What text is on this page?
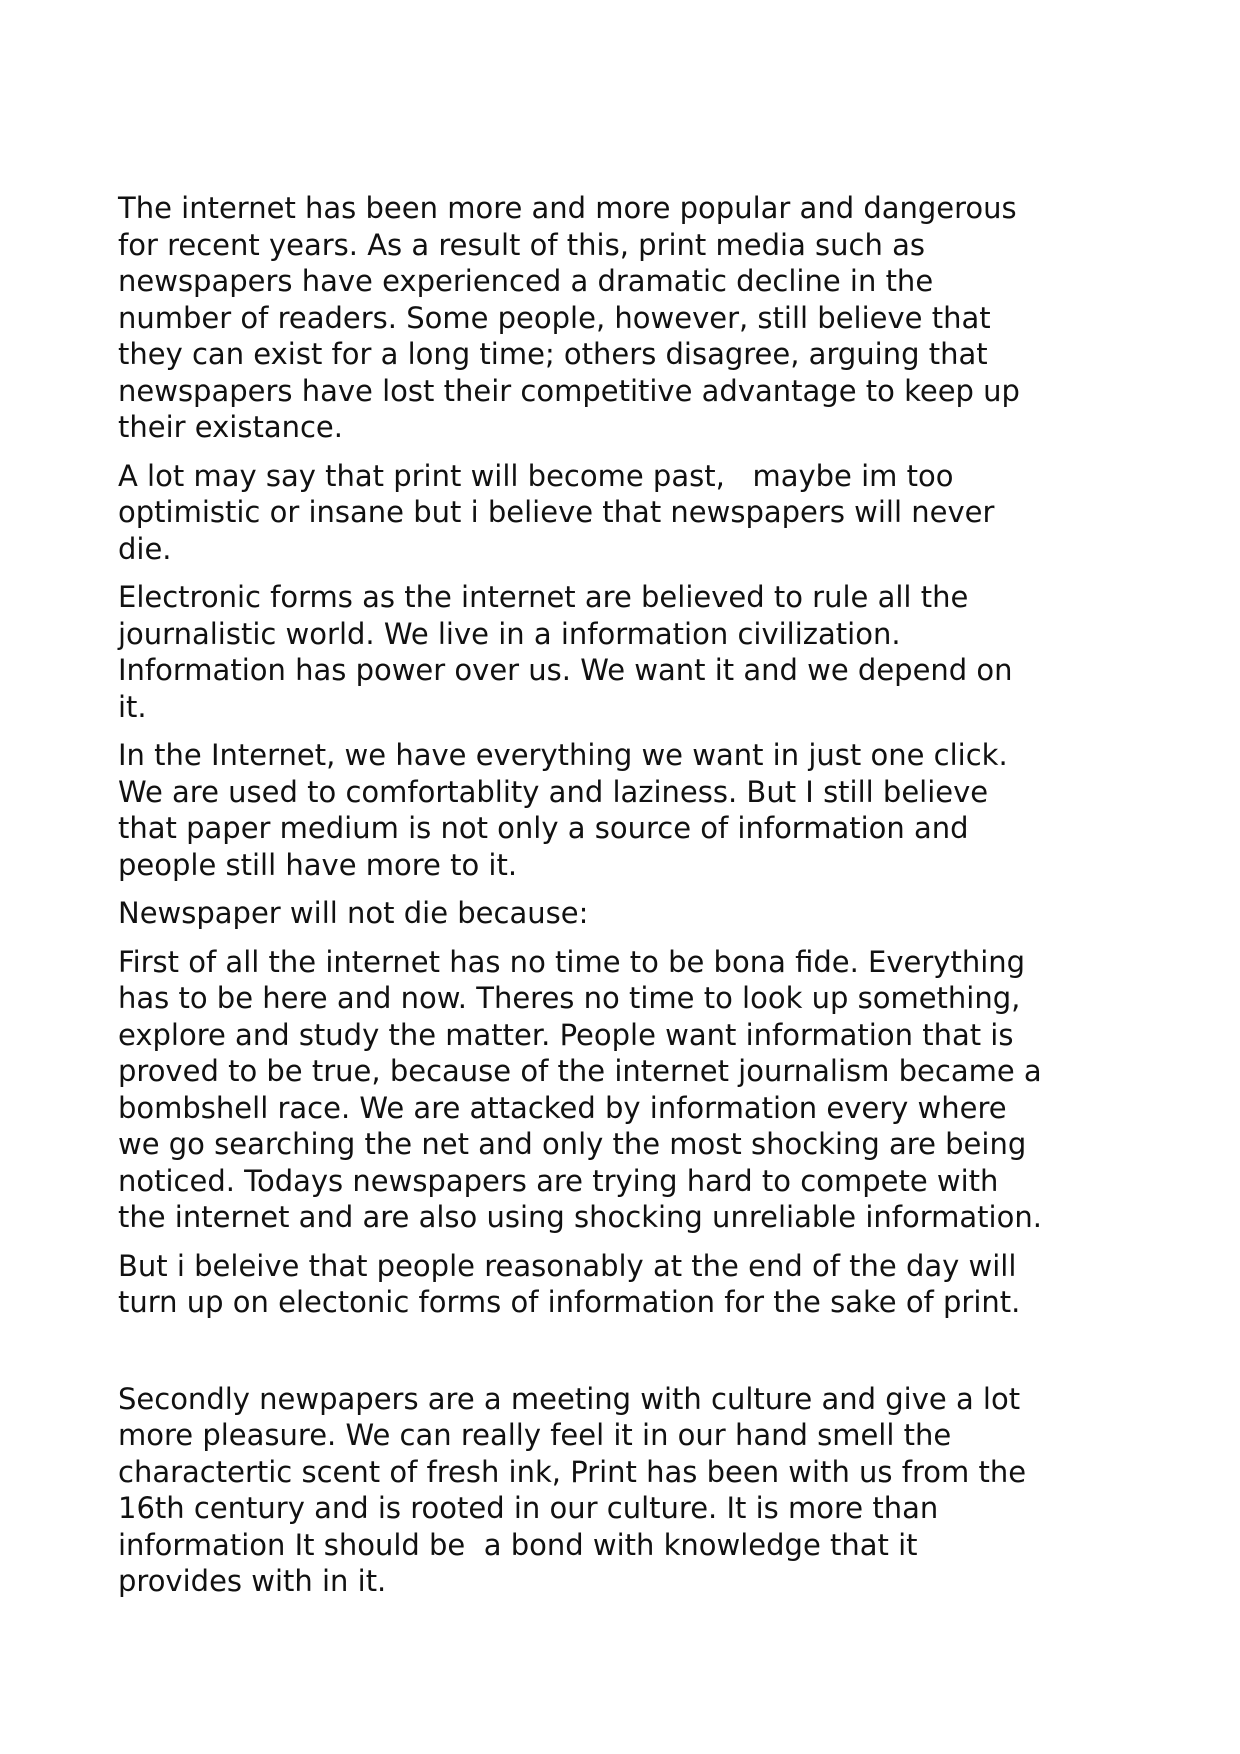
The internet has been more and more popular and dangerous
for recent years. As a result of this, print media such as
newspapers have experienced a dramatic decline in the
number of readers. Some people, however, still believe that
they can exist for a long time; others disagree, arguing that
newspapers have lost their competitive advantage to keep up
their existance.
A lot may say that print will become past,   maybe im too
optimistic or insane but i believe that newspapers will never
die.
Electronic forms as the internet are believed to rule all the
journalistic world. We live in a information civilization.
Information has power over us. We want it and we depend on
it.
In the Internet, we have everything we want in just one click.
We are used to comfortablity and laziness. But I still believe
that paper medium is not only a source of information and
people still have more to it.
Newspaper will not die because:
First of all the internet has no time to be bona fide. Everything
has to be here and now. Theres no time to look up something,
explore and study the matter. People want information that is
proved to be true, because of the internet journalism became a
bombshell race. We are attacked by information every where
we go searching the net and only the most shocking are being
noticed. Todays newspapers are trying hard to compete with
the internet and are also using shocking unreliable information.
But i beleive that people reasonably at the end of the day will
turn up on electonic forms of information for the sake of print.
Secondly newpapers are a meeting with culture and give a lot
more pleasure. We can really feel it in our hand smell the
charactertic scent of fresh ink, Print has been with us from the
16th century and is rooted in our culture. It is more than
information It should be  a bond with knowledge that it
provides with in it.
